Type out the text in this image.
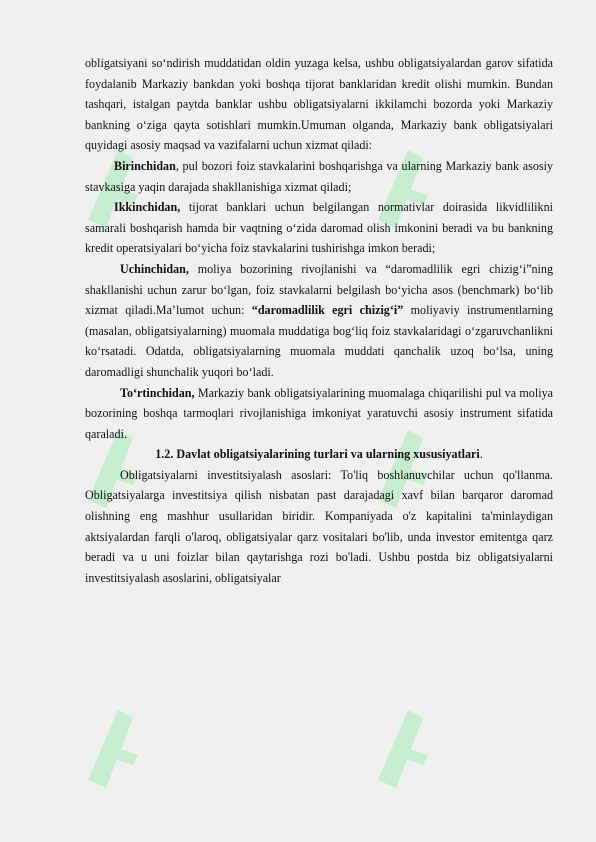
obligatsiyani so‘ndirish muddatidan oldin yuzaga kelsa, ushbu obligatsiyalardan garov sifatida foydalanib Markaziy bankdan yoki boshqa tijorat banklaridan kredit olishi mumkin. Bundan tashqari, istalgan paytda banklar ushbu obligatsiyalarni ikkilamchi bozorda yoki Markaziy bankning o‘ziga qayta sotishlari mumkin.Umuman olganda, Markaziy bank obligatsiyalari quyidagi asosiy maqsad va vazifalarni uchun xizmat qiladi:

Birinchidan, pul bozori foiz stavkalarini boshqarishga va ularning Markaziy bank asosiy stavkasiga yaqin darajada shakllanishiga xizmat qiladi;

Ikkinchidan, tijorat banklari uchun belgilangan normativlar doirasida likvidlilikni samarali boshqarish hamda bir vaqtning o‘zida daromad olish imkonini beradi va bu bankning kredit operatsiyalari bo‘yicha foiz stavkalarini tushirishga imkon beradi;

Uchinchidan, moliya bozorining rivojlanishi va “daromadlilik egri chizig‘i”ning shakllanishi uchun zarur bo‘lgan, foiz stavkalarni belgilash bo‘yicha asos (benchmark) bo‘lib xizmat qiladi.Ma’lumot uchun: “daromadlilik egri chizig‘i” moliyaviy instrumentlarning (masalan, obligatsiyalarning) muomala muddatiga bog‘liq foiz stavkalaridagi o‘zgaruvchanlikni ko‘rsatadi. Odatda, obligatsiyalarning muomala muddati qanchalik uzoq bo‘lsa, uning daromadligi shunchalik yuqori bo‘ladi.

To‘rtinchidan, Markaziy bank obligatsiyalarining muomalaga chiqarilishi pul va moliya bozorining boshqa tarmoqlari rivojlanishiga imkoniyat yaratuvchi asosiy instrument sifatida qaraladi.

1.2. Davlat obligatsiyalarining turlari va ularning xususiyatlari.

Obligatsiyalarni investitsiyalash asoslari: To'liq boshlanuvchilar uchun qo'llanma. Obligatsiyalarga investitsiya qilish nisbatan past darajadagi xavf bilan barqaror daromad olishning eng mashhur usullaridan biridir. Kompaniyada o'z kapitalini ta'minlaydigan aktsiyalardan farqli o'laroq, obligatsiyalar qarz vositalari bo'lib, unda investor emitentga qarz beradi va u uni foizlar bilan qaytarishga rozi bo'ladi. Ushbu postda biz obligatsiyalarni investitsiyalash asoslarini, obligatsiyalar
